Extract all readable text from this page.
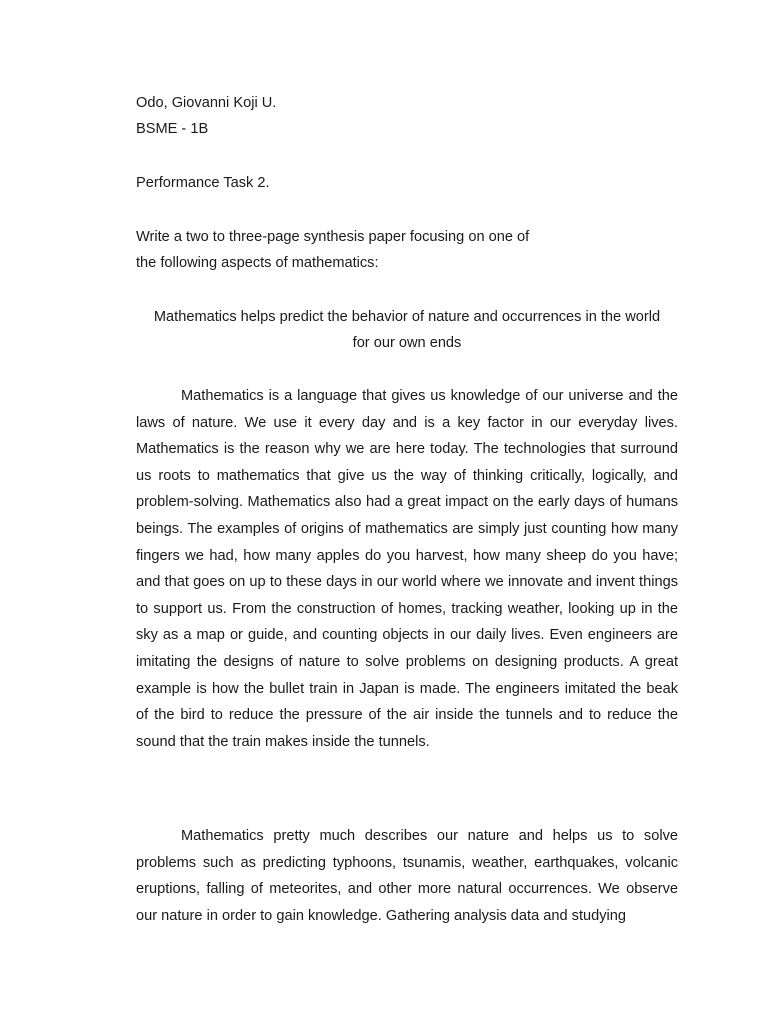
Odo, Giovanni Koji U.
BSME - 1B
Performance Task 2.
Write a two to three-page synthesis paper focusing on one of
the following aspects of mathematics:
Mathematics helps predict the behavior of nature and occurrences in the world
for our own ends

Mathematics is a language that gives us knowledge of our universe and the laws of nature. We use it every day and is a key factor in our everyday lives. Mathematics is the reason why we are here today. The technologies that surround us roots to mathematics that give us the way of thinking critically, logically, and problem-solving. Mathematics also had a great impact on the early days of humans beings. The examples of origins of mathematics are simply just counting how many fingers we had, how many apples do you harvest, how many sheep do you have; and that goes on up to these days in our world where we innovate and invent things to support us. From the construction of homes, tracking weather, looking up in the sky as a map or guide, and counting objects in our daily lives. Even engineers are imitating the designs of nature to solve problems on designing products. A great example is how the bullet train in Japan is made. The engineers imitated the beak of the bird to reduce the pressure of the air inside the tunnels and to reduce the sound that the train makes inside the tunnels.

Mathematics pretty much describes our nature and helps us to solve problems such as predicting typhoons, tsunamis, weather, earthquakes, volcanic eruptions, falling of meteorites, and other more natural occurrences. We observe our nature in order to gain knowledge. Gathering analysis data and studying
